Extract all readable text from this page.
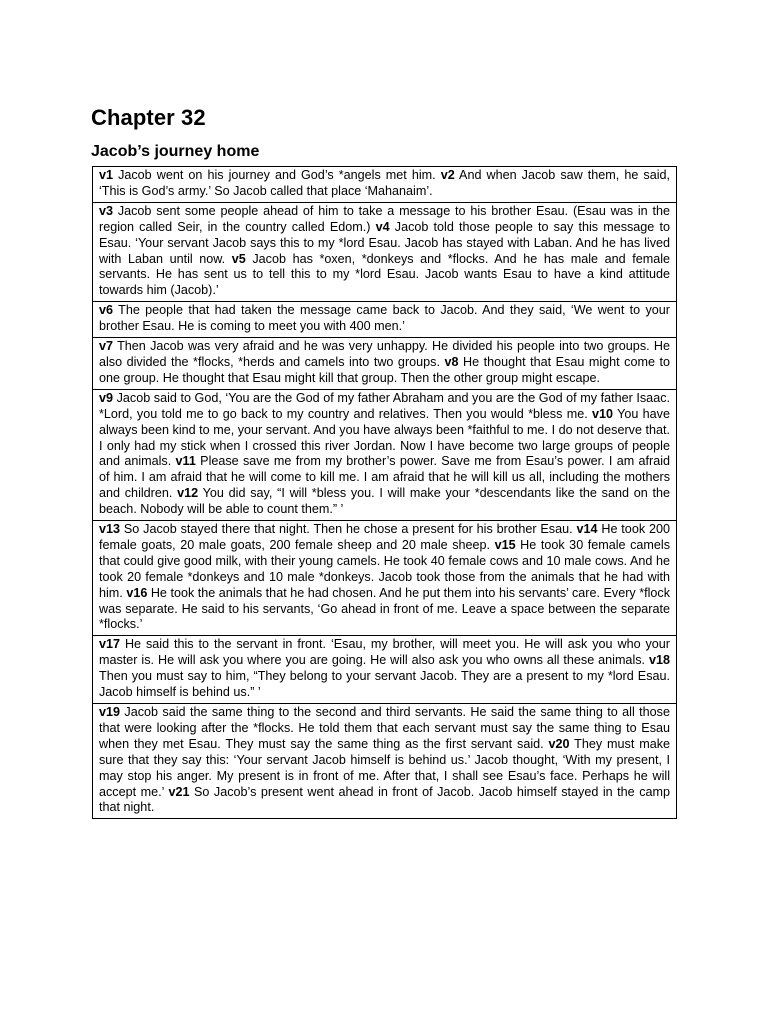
Chapter 32
Jacob’s journey home

v1 Jacob went on his journey and God’s *angels met him. v2 And when Jacob saw them, he said, ‘This is God’s army.’ So Jacob called that place ‘Mahanaim’.

v3 Jacob sent some people ahead of him to take a message to his brother Esau. (Esau was in the region called Seir, in the country called Edom.) v4 Jacob told those people to say this message to Esau. ‘Your servant Jacob says this to my *lord Esau. Jacob has stayed with Laban. And he has lived with Laban until now. v5 Jacob has *oxen, *donkeys and *flocks. And he has male and female servants. He has sent us to tell this to my *lord Esau. Jacob wants Esau to have a kind attitude towards him (Jacob).’

v6 The people that had taken the message came back to Jacob. And they said, ‘We went to your brother Esau. He is coming to meet you with 400 men.’

v7 Then Jacob was very afraid and he was very unhappy. He divided his people into two groups. He also divided the *flocks, *herds and camels into two groups. v8 He thought that Esau might come to one group. He thought that Esau might kill that group. Then the other group might escape.

v9 Jacob said to God, ‘You are the God of my father Abraham and you are the God of my father Isaac. *Lord, you told me to go back to my country and relatives. Then you would *bless me. v10 You have always been kind to me, your servant. And you have always been *faithful to me. I do not deserve that. I only had my stick when I crossed this river Jordan. Now I have become two large groups of people and animals. v11 Please save me from my brother’s power. Save me from Esau’s power. I am afraid of him. I am afraid that he will come to kill me. I am afraid that he will kill us all, including the mothers and children. v12 You did say, “I will *bless you. I will make your *descendants like the sand on the beach. Nobody will be able to count them.” ’

v13 So Jacob stayed there that night. Then he chose a present for his brother Esau. v14 He took 200 female goats, 20 male goats, 200 female sheep and 20 male sheep. v15 He took 30 female camels that could give good milk, with their young camels. He took 40 female cows and 10 male cows. And he took 20 female *donkeys and 10 male *donkeys. Jacob took those from the animals that he had with him. v16 He took the animals that he had chosen. And he put them into his servants’ care. Every *flock was separate. He said to his servants, ‘Go ahead in front of me. Leave a space between the separate *flocks.’

v17 He said this to the servant in front. ‘Esau, my brother, will meet you. He will ask you who your master is. He will ask you where you are going. He will also ask you who owns all these animals. v18 Then you must say to him, “They belong to your servant Jacob. They are a present to my *lord Esau. Jacob himself is behind us.” ’

v19 Jacob said the same thing to the second and third servants. He said the same thing to all those that were looking after the *flocks. He told them that each servant must say the same thing to Esau when they met Esau. They must say the same thing as the first servant said. v20 They must make sure that they say this: ‘Your servant Jacob himself is behind us.’ Jacob thought, ‘With my present, I may stop his anger. My present is in front of me. After that, I shall see Esau’s face. Perhaps he will accept me.’ v21 So Jacob’s present went ahead in front of Jacob. Jacob himself stayed in the camp that night.
